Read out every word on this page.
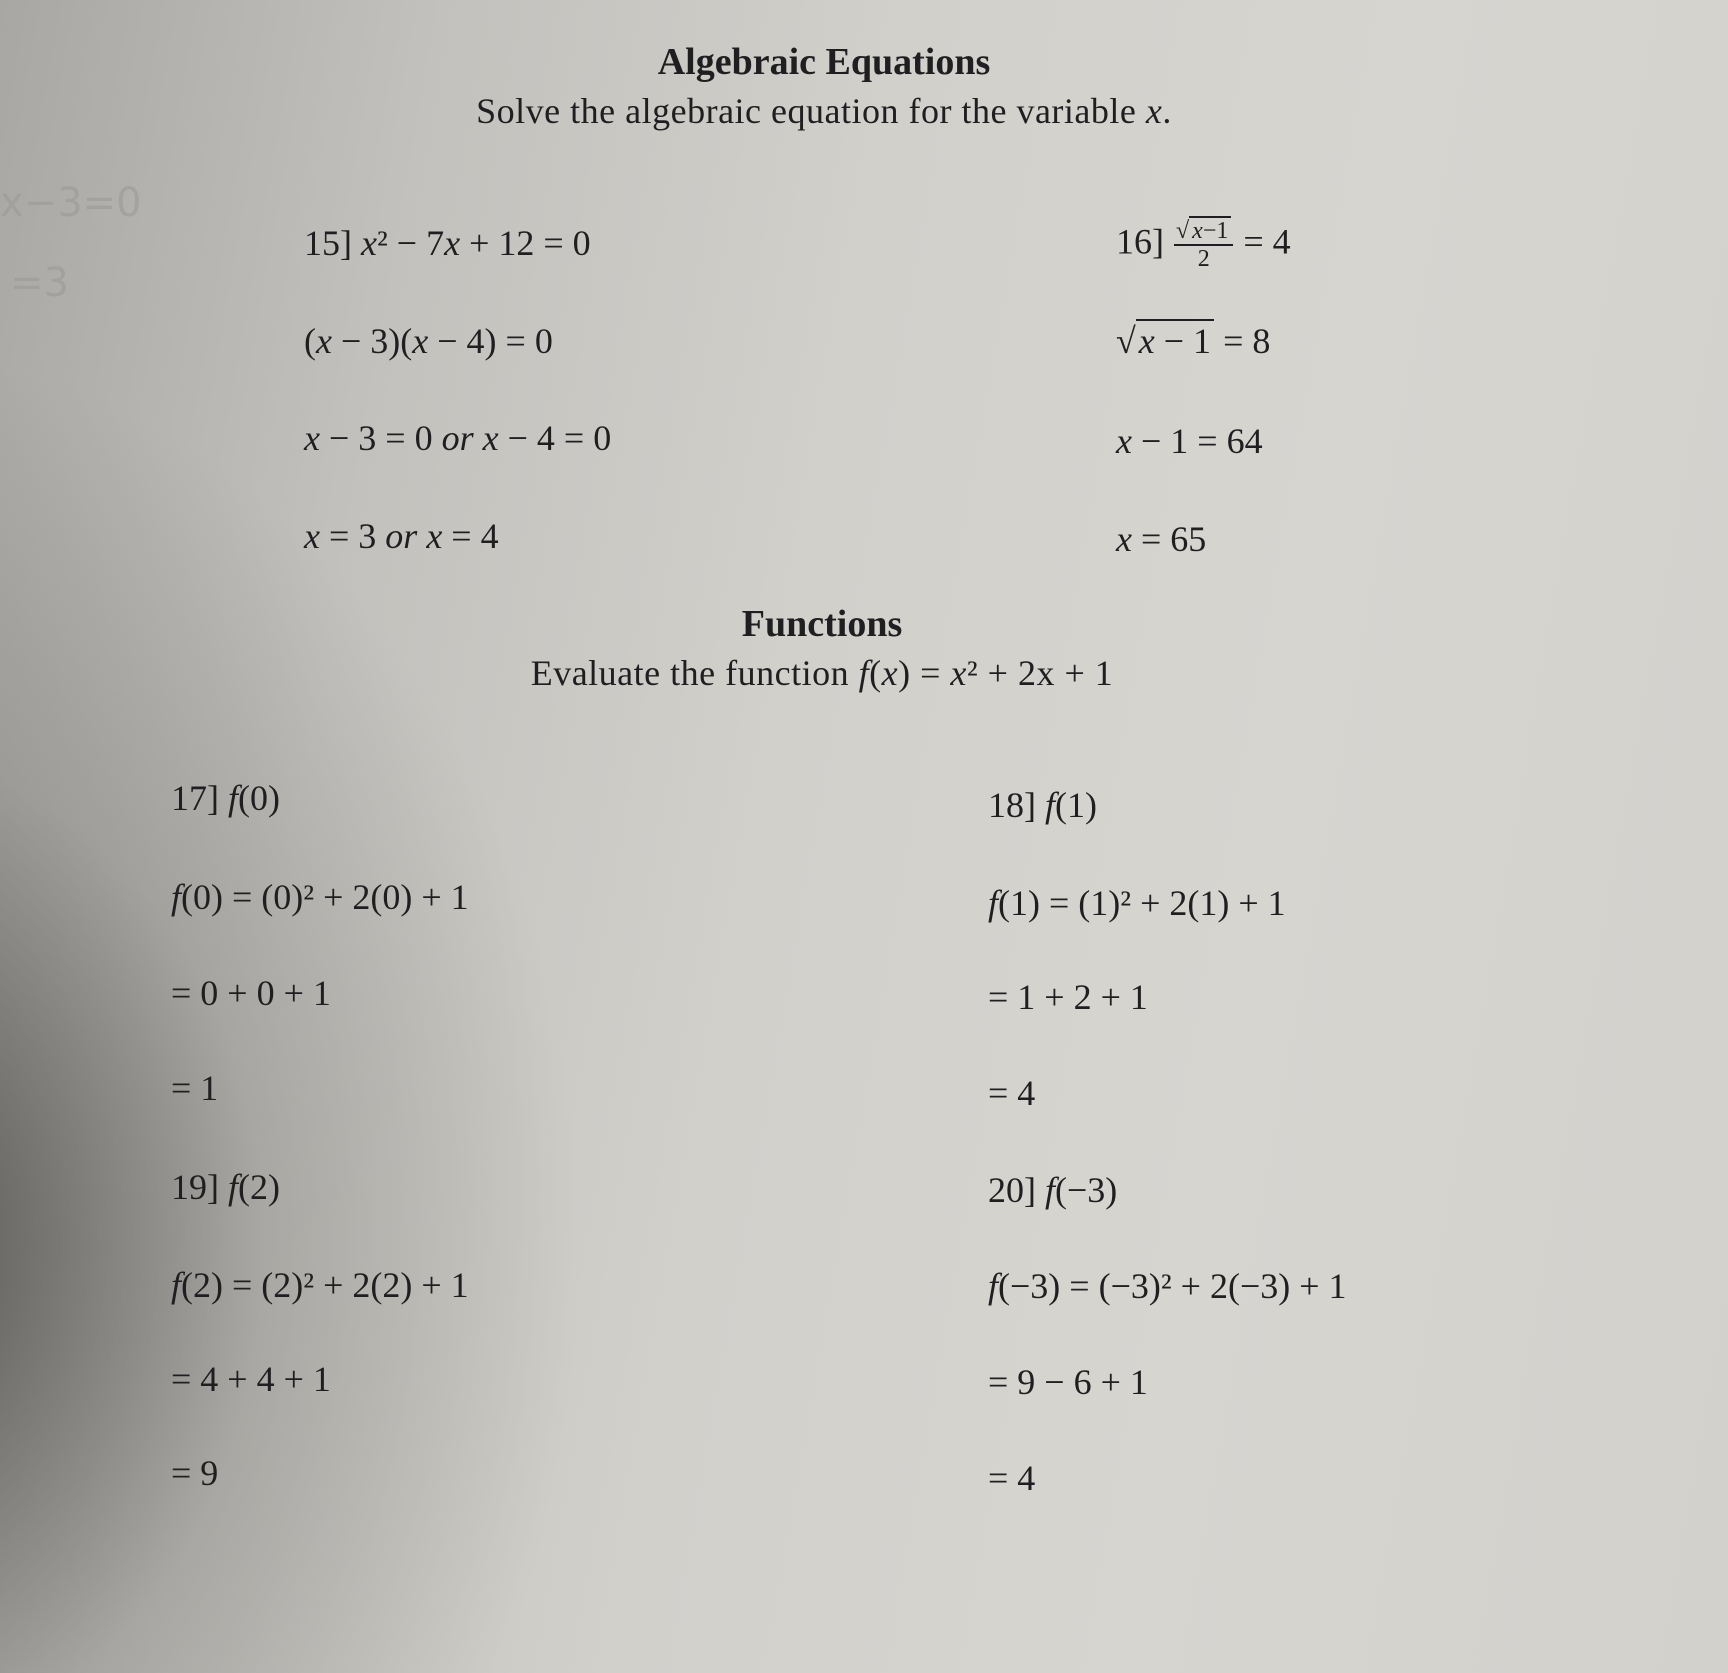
x−3=0
=3
Algebraic Equations
Solve the algebraic equation for the variable x.
15] x² − 7x + 12 = 0
(x − 3)(x − 4) = 0
x − 3 = 0 or x − 4 = 0
x = 3 or x = 4
$16] \frac{√ x-1}{2} = 4$
√x − 1 = 8
x − 1 = 64
x = 65
Functions
Evaluate the function f(x) = x² + 2x + 1
17] f(0)
f(0) = (0)² + 2(0) + 1
= 0 + 0 + 1
= 1
18] f(1)
f(1) = (1)² + 2(1) + 1
= 1 + 2 + 1
= 4
19] f(2)
f(2) = (2)² + 2(2) + 1
= 4 + 4 + 1
= 9
20] f(−3)
f(−3) = (−3)² + 2(−3) + 1
= 9 − 6 + 1
= 4
